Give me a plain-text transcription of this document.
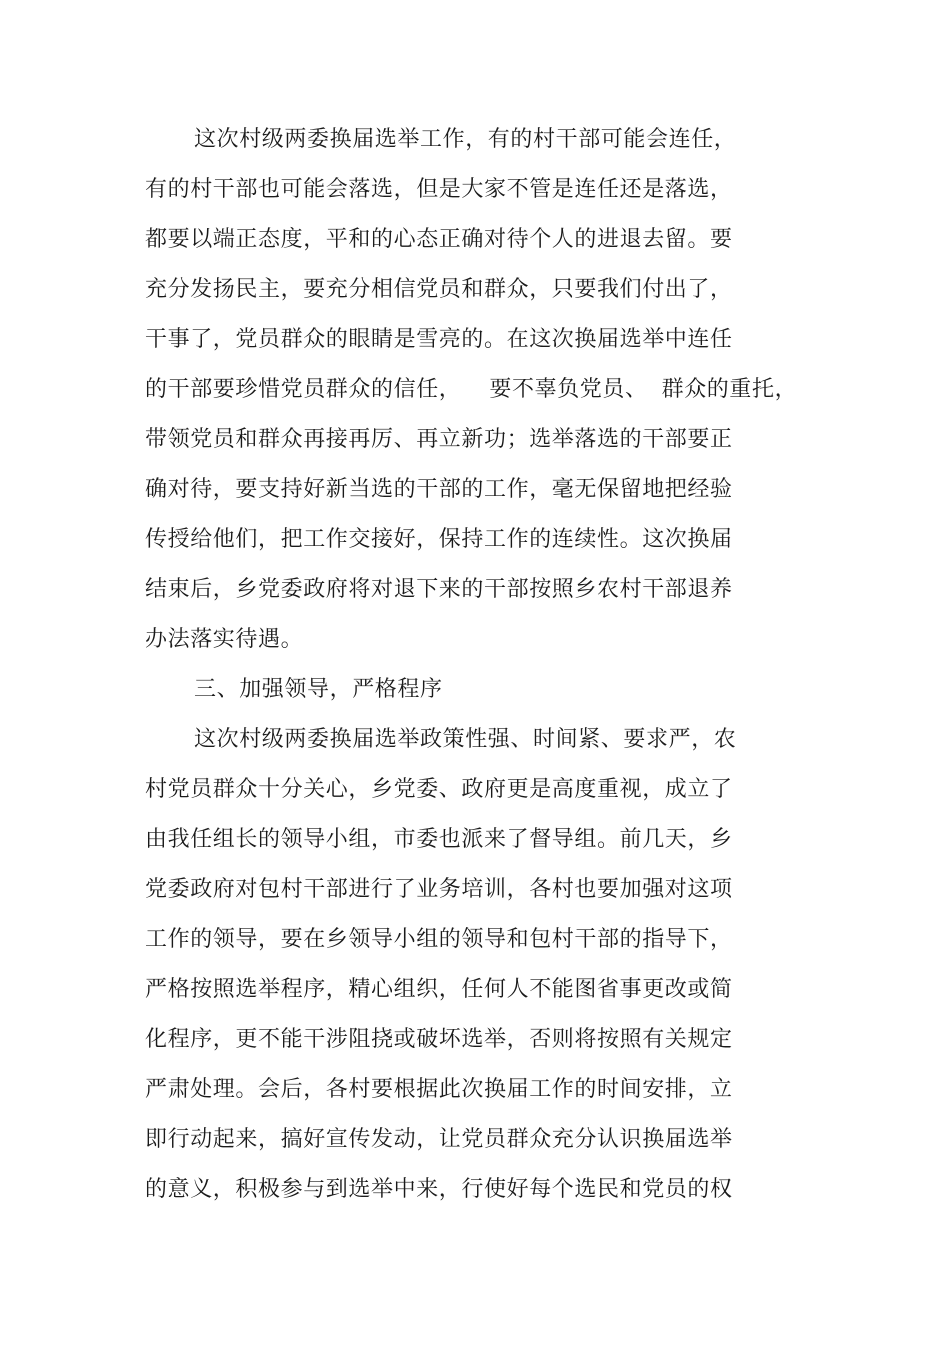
这次村级两委换届选举工作，有的村干部可能会连任，
有的村干部也可能会落选，但是大家不管是连任还是落选，
都要以端正态度，平和的心态正确对待个人的进退去留。要
充分发扬民主，要充分相信党员和群众，只要我们付出了，
干事了，党员群众的眼睛是雪亮的。在这次换届选举中连任
的干部要珍惜党员群众的信任， 要不辜负党员、 群众的重托，
带领党员和群众再接再厉、再立新功；选举落选的干部要正
确对待，要支持好新当选的干部的工作，毫无保留地把经验
传授给他们，把工作交接好，保持工作的连续性。这次换届
结束后，乡党委政府将对退下来的干部按照乡农村干部退养
办法落实待遇。
三、加强领导，严格程序
这次村级两委换届选举政策性强、时间紧、要求严，农
村党员群众十分关心，乡党委、政府更是高度重视，成立了
由我任组长的领导小组，市委也派来了督导组。前几天，乡
党委政府对包村干部进行了业务培训，各村也要加强对这项
工作的领导，要在乡领导小组的领导和包村干部的指导下，
严格按照选举程序，精心组织，任何人不能图省事更改或简
化程序，更不能干涉阻挠或破坏选举，否则将按照有关规定
严肃处理。会后，各村要根据此次换届工作的时间安排，立
即行动起来，搞好宣传发动，让党员群众充分认识换届选举
的意义，积极参与到选举中来，行使好每个选民和党员的权
